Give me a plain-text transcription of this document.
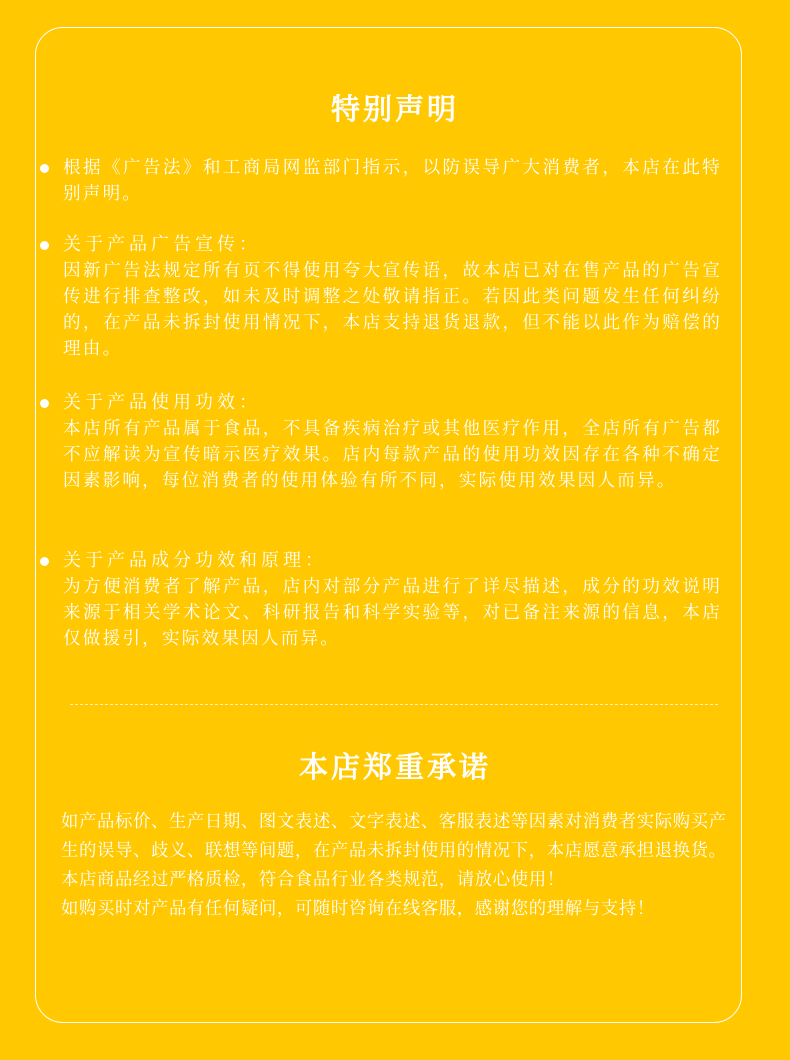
特别声明
根据《广告法》和工商局网监部门指示，以防误导广大消费者，本店在此特别声明。
关于产品广告宣传：
因新广告法规定所有页不得使用夸大宣传语，故本店已对在售产品的广告宣传进行排查整改，如未及时调整之处敬请指正。若因此类问题发生任何纠纷的，在产品未拆封使用情况下，本店支持退货退款，但不能以此作为赔偿的理由。
关于产品使用功效：
本店所有产品属于食品，不具备疾病治疗或其他医疗作用，全店所有广告都不应解读为宣传暗示医疗效果。店内每款产品的使用功效因存在各种不确定因素影响，每位消费者的使用体验有所不同，实际使用效果因人而异。
关于产品成分功效和原理：
为方便消费者了解产品，店内对部分产品进行了详尽描述，成分的功效说明来源于相关学术论文、科研报告和科学实验等，对已备注来源的信息，本店仅做援引，实际效果因人而异。
本店郑重承诺

如产品标价、生产日期、图文表述、文字表述、客服表述等因素对消费者实际购买产生的误导、歧义、联想等间题，在产品未拆封使用的情况下，本店愿意承担退换货。

本店商品经过严格质检，符合食品行业各类规范，请放心使用！

如购买时对产品有任何疑问，可随时咨询在线客服，感谢您的理解与支持！
